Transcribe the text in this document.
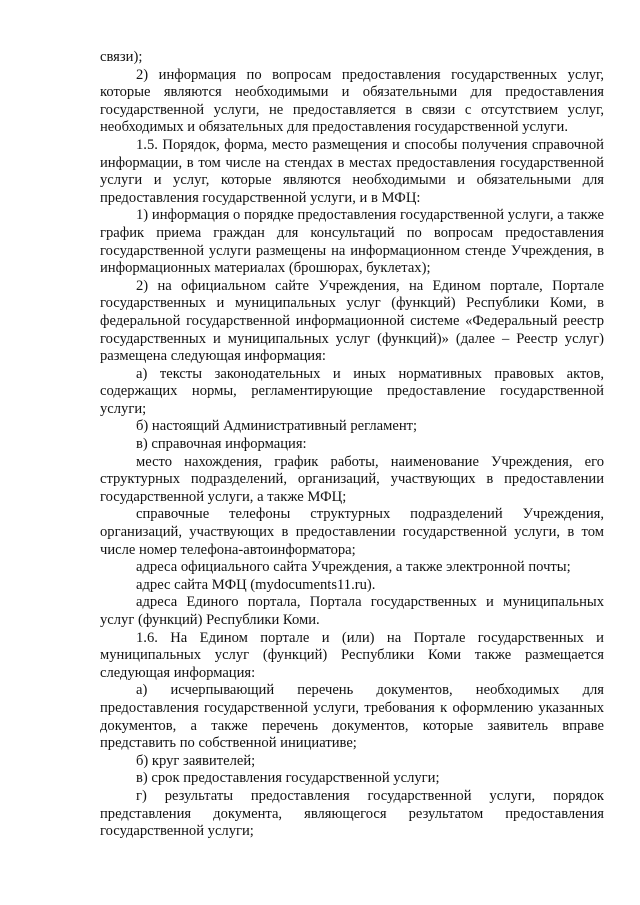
связи);

2) информация по вопросам предоставления государственных услуг, которые являются необходимыми и обязательными для предоставления государственной услуги, не предоставляется в связи с отсутствием услуг, необходимых и обязательных для предоставления государственной услуги.

1.5. Порядок, форма, место размещения и способы получения справочной информации, в том числе на стендах в местах предоставления государственной услуги и услуг, которые являются необходимыми и обязательными для предоставления государственной услуги, и в МФЦ:

1) информация о порядке предоставления государственной услуги, а также график приема граждан для консультаций по вопросам предоставления государственной услуги размещены на информационном стенде Учреждения, в информационных материалах (брошюрах, буклетах);

2) на официальном сайте Учреждения, на Едином портале, Портале государственных и муниципальных услуг (функций) Республики Коми, в федеральной государственной информационной системе «Федеральный реестр государственных и муниципальных услуг (функций)» (далее – Реестр услуг) размещена следующая информация:

а) тексты законодательных и иных нормативных правовых актов, содержащих нормы, регламентирующие предоставление государственной услуги;

б) настоящий Административный регламент;

в) справочная информация:

место нахождения, график работы, наименование Учреждения, его структурных подразделений, организаций, участвующих в предоставлении государственной услуги, а также МФЦ;

справочные телефоны структурных подразделений Учреждения, организаций, участвующих в предоставлении государственной услуги, в том числе номер телефона-автоинформатора;

адреса официального сайта Учреждения, а также электронной почты;

адрес сайта МФЦ (mydocuments11.ru).

адреса Единого портала, Портала государственных и муниципальных услуг (функций) Республики Коми.

1.6. На Едином портале и (или) на Портале государственных и муниципальных услуг (функций) Республики Коми также размещается следующая информация:

а) исчерпывающий перечень документов, необходимых для предоставления государственной услуги, требования к оформлению указанных документов, а также перечень документов, которые заявитель вправе представить по собственной инициативе;

б) круг заявителей;

в) срок предоставления государственной услуги;

г) результаты предоставления государственной услуги, порядок представления документа, являющегося результатом предоставления государственной услуги;
